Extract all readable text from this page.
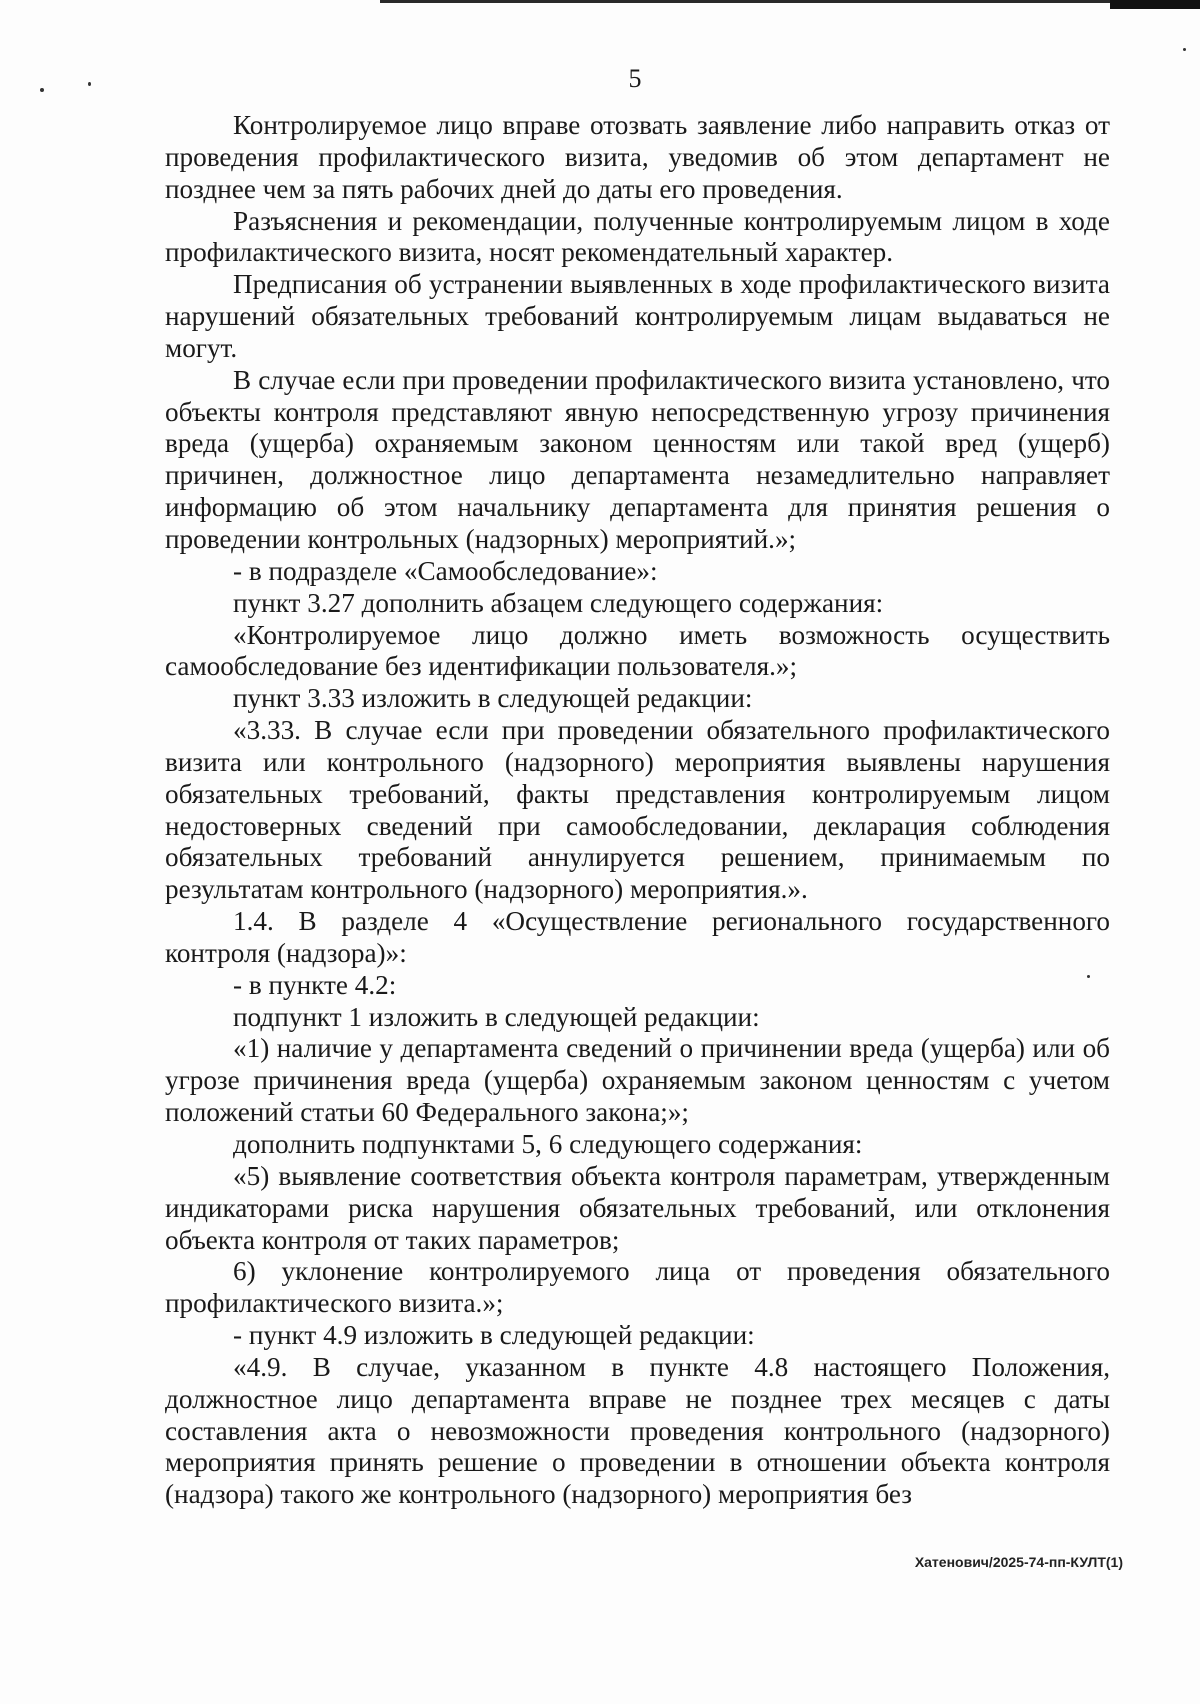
5

Контролируемое лицо вправе отозвать заявление либо направить отказ от проведения профилактического визита, уведомив об этом департамент не позднее чем за пять рабочих дней до даты его проведения.

Разъяснения и рекомендации, полученные контролируемым лицом в ходе профилактического визита, носят рекомендательный характер.

Предписания об устранении выявленных в ходе профилактического визита нарушений обязательных требований контролируемым лицам выдаваться не могут.

В случае если при проведении профилактического визита установлено, что объекты контроля представляют явную непосредственную угрозу причинения вреда (ущерба) охраняемым законом ценностям или такой вред (ущерб) причинен, должностное лицо департамента незамедлительно направляет информацию об этом начальнику департамента для принятия решения о проведении контрольных (надзорных) мероприятий.»;

- в подразделе «Самообследование»:

пункт 3.27 дополнить абзацем следующего содержания:

«Контролируемое лицо должно иметь возможность осуществить самообследование без идентификации пользователя.»;

пункт 3.33 изложить в следующей редакции:

«3.33. В случае если при проведении обязательного профилактического визита или контрольного (надзорного) мероприятия выявлены нарушения обязательных требований, факты представления контролируемым лицом недостоверных сведений при самообследовании, декларация соблюдения обязательных требований аннулируется решением, принимаемым по результатам контрольного (надзорного) мероприятия.».

1.4. В разделе 4 «Осуществление регионального государственного контроля (надзора)»:

- в пункте 4.2:

подпункт 1 изложить в следующей редакции:

«1) наличие у департамента сведений о причинении вреда (ущерба) или об угрозе причинения вреда (ущерба) охраняемым законом ценностям с учетом положений статьи 60 Федерального закона;»;

дополнить подпунктами 5, 6 следующего содержания:

«5) выявление соответствия объекта контроля параметрам, утвержденным индикаторами риска нарушения обязательных требований, или отклонения объекта контроля от таких параметров;

6) уклонение контролируемого лица от проведения обязательного профилактического визита.»;

- пункт 4.9 изложить в следующей редакции:

«4.9. В случае, указанном в пункте 4.8 настоящего Положения, должностное лицо департамента вправе не позднее трех месяцев с даты составления акта о невозможности проведения контрольного (надзорного) мероприятия принять решение о проведении в отношении объекта контроля (надзора) такого же контрольного (надзорного) мероприятия без

Хатенович/2025-74-пп-КУЛТ(1)
